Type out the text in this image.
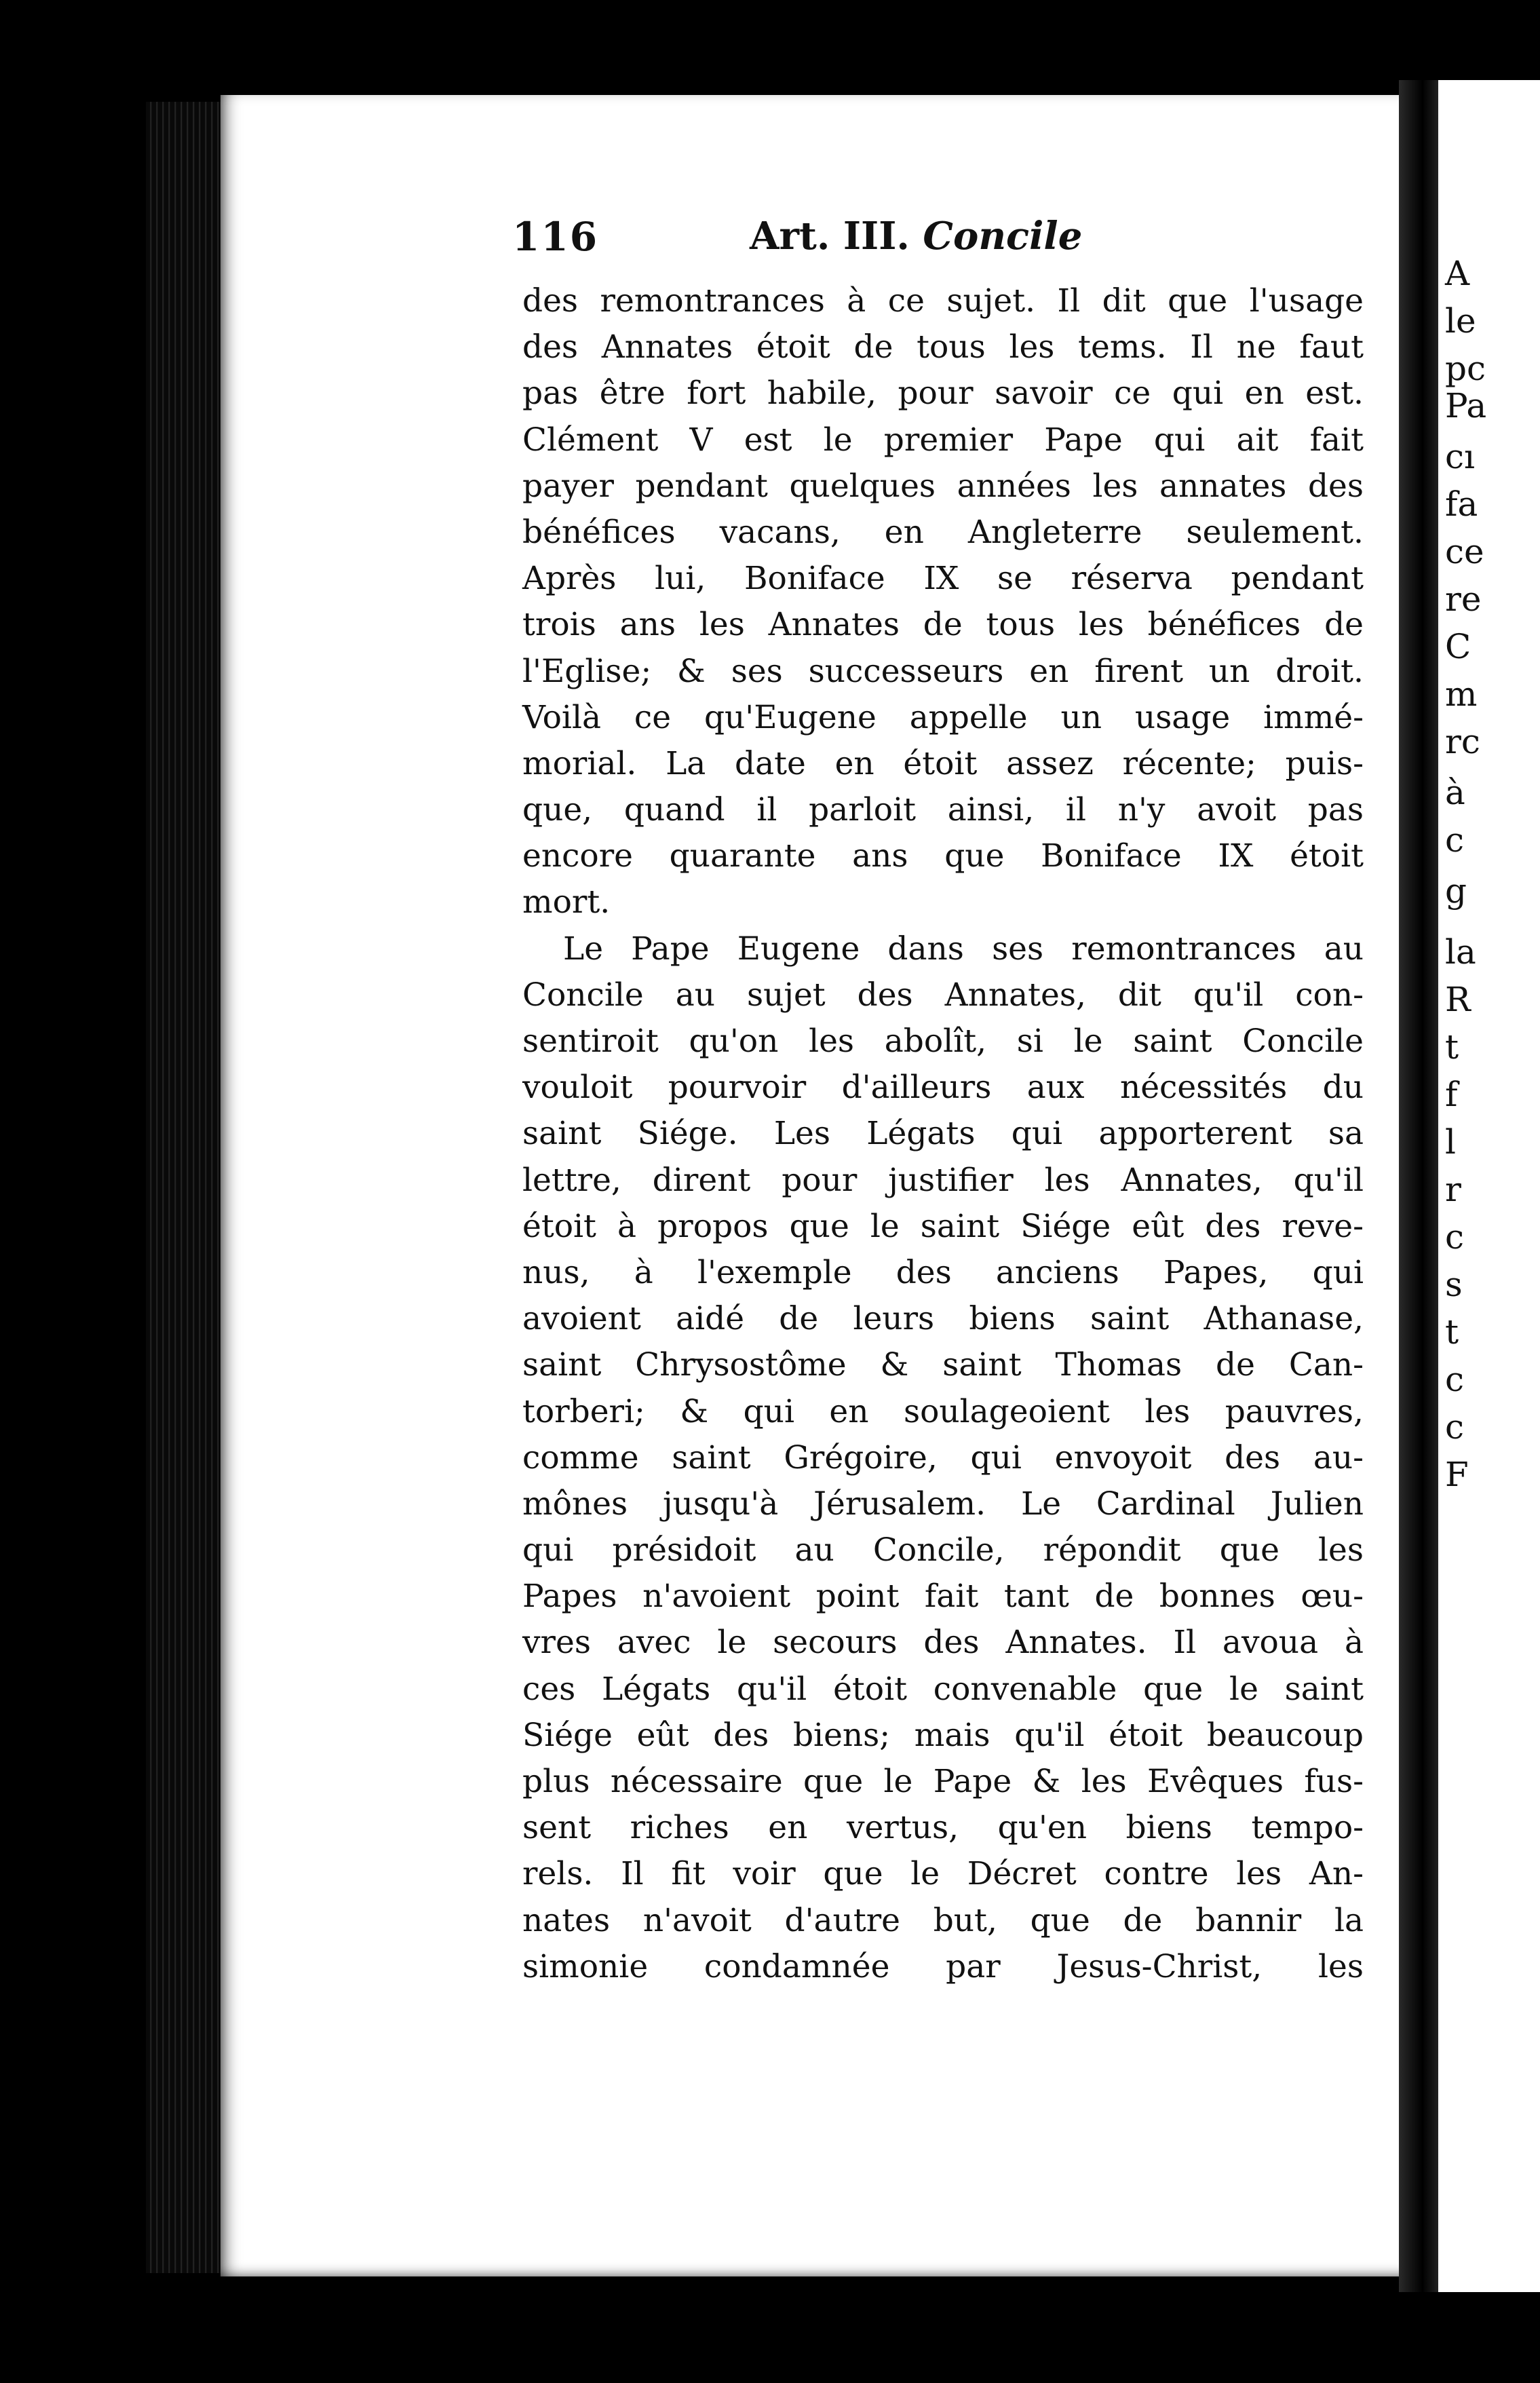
A
le
pc
Pa
cı
fa
ce
re
C
m
rc
à
c
g
la
R
t
f
l
r
c
s
t
c
c
F
116	Art. III. Concile
des remontrances à ce sujet. Il dit que l'usage
des Annates étoit de tous les tems. Il ne faut
pas être fort habile, pour savoir ce qui en est.
Clément V est le premier Pape qui ait fait
payer pendant quelques années les annates des
bénéfices vacans, en Angleterre seulement.
Après lui, Boniface IX se réserva pendant
trois ans les Annates de tous les bénéfices de
l'Eglise; & ses successeurs en firent un droit.
Voilà ce qu'Eugene appelle un usage immé-
morial. La date en étoit assez récente; puis-
que, quand il parloit ainsi, il n'y avoit pas
encore quarante ans que Boniface IX étoit
mort.
Le Pape Eugene dans ses remontrances au
Concile au sujet des Annates, dit qu'il con-
sentiroit qu'on les abolît, si le saint Concile
vouloit pourvoir d'ailleurs aux nécessités du
saint Siége. Les Légats qui apporterent sa
lettre, dirent pour justifier les Annates, qu'il
étoit à propos que le saint Siége eût des reve-
nus, à l'exemple des anciens Papes, qui
avoient aidé de leurs biens saint Athanase,
saint Chrysostôme & saint Thomas de Can-
torberi; & qui en soulageoient les pauvres,
comme saint Grégoire, qui envoyoit des au-
mônes jusqu'à Jérusalem. Le Cardinal Julien
qui présidoit au Concile, répondit que les
Papes n'avoient point fait tant de bonnes œu-
vres avec le secours des Annates. Il avoua à
ces Légats qu'il étoit convenable que le saint
Siége eût des biens; mais qu'il étoit beaucoup
plus nécessaire que le Pape & les Evêques fus-
sent riches en vertus, qu'en biens tempo-
rels. Il fit voir que le Décret contre les An-
nates n'avoit d'autre but, que de bannir la
simonie condamnée par Jesus-Christ, les
